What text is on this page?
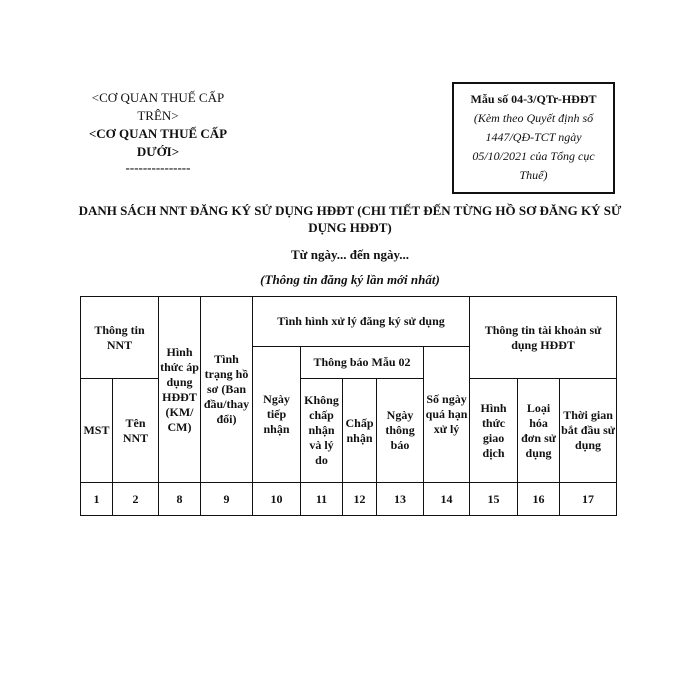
<CƠ QUAN THUẾ CẤP TRÊN>
<CƠ QUAN THUẾ CẤP DƯỚI>
---------------
Mẫu số 04-3/QTr-HĐĐT
(Kèm theo Quyết định số 1447/QĐ-TCT ngày 05/10/2021 của Tổng cục Thuế)
DANH SÁCH NNT ĐĂNG KÝ SỬ DỤNG HĐĐT (CHI TIẾT ĐẾN TỪNG HỒ SƠ ĐĂNG KÝ SỬ DỤNG HĐĐT)
Từ ngày... đến ngày...
(Thông tin đăng ký lần mới nhất)
Thông tin NNT		Hình thức áp dụng HĐĐT (KM/ CM)	Tình trạng hồ sơ (Ban đầu/thay đổi)	Tình hình xử lý đăng ký sử dụng					Thông tin tài khoản sử dụng HĐĐT		
				Ngày tiếp nhận	Thông báo Mẫu 02			Số ngày quá hạn xử lý			
MST	Tên NNT				Không chấp nhận và lý do	Chấp nhận	Ngày thông báo		Hình thức giao dịch	Loại hóa đơn sử dụng	Thời gian bắt đầu sử dụng
1	2	8	9	10	11	12	13	14	15	16	17
